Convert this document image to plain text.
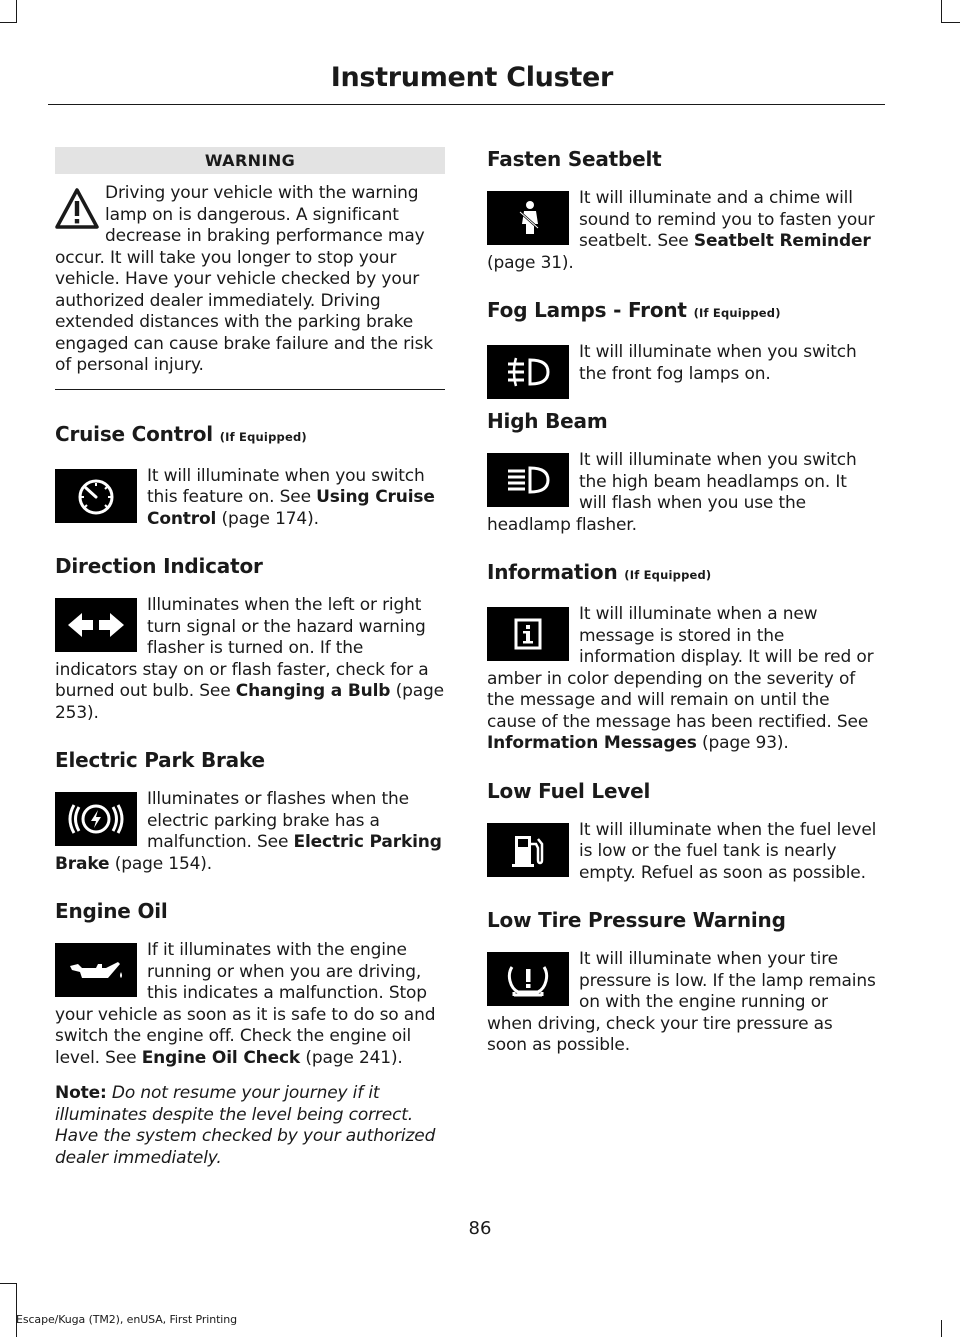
Instrument Cluster
WARNING
Driving your vehicle with the warning lamp on is dangerous. A significant decrease in braking performance may occur. It will take you longer to stop your vehicle. Have your vehicle checked by your authorized dealer immediately. Driving extended distances with the parking brake engaged can cause brake failure and the risk of personal injury.
Cruise Control (If Equipped)
It will illuminate when you switch this feature on. See Using Cruise Control (page 174).
Direction Indicator
Illuminates when the left or right turn signal or the hazard warning flasher is turned on. If the indicators stay on or flash faster, check for a burned out bulb. See Changing a Bulb (page 253).
Electric Park Brake
Illuminates or flashes when the electric parking brake has a malfunction. See Electric Parking Brake (page 154).
Engine Oil
If it illuminates with the engine running or when you are driving, this indicates a malfunction. Stop your vehicle as soon as it is safe to do so and switch the engine off. Check the engine oil level. See Engine Oil Check (page 241).
Note: Do not resume your journey if it illuminates despite the level being correct. Have the system checked by your authorized dealer immediately.
Fasten Seatbelt
It will illuminate and a chime will sound to remind you to fasten your seatbelt. See Seatbelt Reminder (page 31).
Fog Lamps - Front (If Equipped)
It will illuminate when you switch the front fog lamps on.
High Beam
It will illuminate when you switch the high beam headlamps on. It will flash when you use the headlamp flasher.
Information (If Equipped)
It will illuminate when a new message is stored in the information display. It will be red or amber in color depending on the severity of the message and will remain on until the cause of the message has been rectified. See Information Messages (page 93).
Low Fuel Level
It will illuminate when the fuel level is low or the fuel tank is nearly empty. Refuel as soon as possible.
Low Tire Pressure Warning
It will illuminate when your tire pressure is low. If the lamp remains on with the engine running or when driving, check your tire pressure as soon as possible.
86
Escape/Kuga (TM2), enUSA, First Printing
